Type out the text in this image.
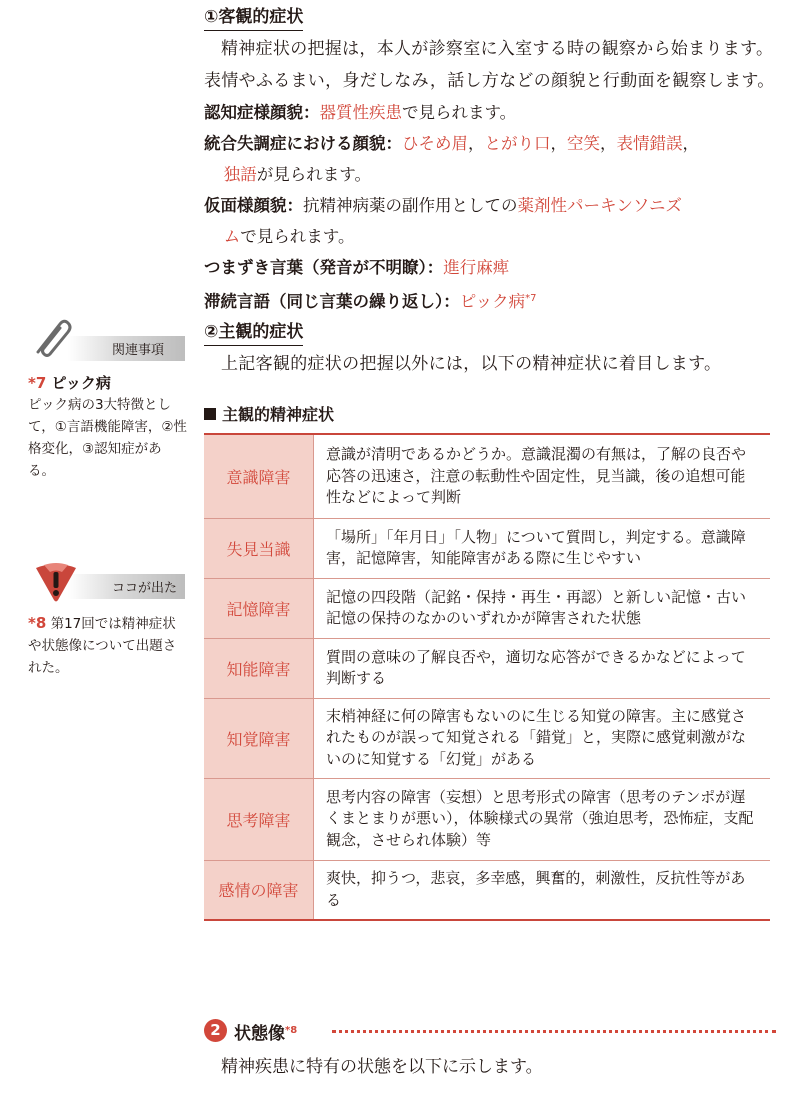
①客観的症状

精神症状の把握は，本人が診察室に入室する時の観察から始まります。表情やふるまい，身だしなみ，話し方などの顔貌と行動面を観察します。

認知症様顔貌：器質性疾患で見られます。

統合失調症における顔貌：ひそめ眉，とがり口，空笑，表情錯誤，
独語が見られます。

仮面様顔貌：抗精神病薬の副作用としての薬剤性パーキンソニズ
ムで見られます。

つまずき言葉（発音が不明瞭）：進行麻痺

滞続言語（同じ言葉の繰り返し）：ピック病$^{*7}$

②主観的症状

上記客観的症状の把握以外には，以下の精神症状に着目します。

主観的精神症状
意識障害	意識が清明であるかどうか。意識混濁の有無は，了解の良否や応答の迅速さ，注意の転動性や固定性，見当識，後の追想可能性などによって判断
失見当識	「場所」「年月日」「人物」について質問し，判定する。意識障害，記憶障害，知能障害がある際に生じやすい
記憶障害	記憶の四段階（記銘・保持・再生・再認）と新しい記憶・古い記憶の保持のなかのいずれかが障害された状態
知能障害	質問の意味の了解良否や，適切な応答ができるかなどによって判断する
知覚障害	末梢神経に何の障害もないのに生じる知覚の障害。主に感覚されたものが誤って知覚される「錯覚」と，実際に感覚刺激がないのに知覚する「幻覚」がある
思考障害	思考内容の障害（妄想）と思考形式の障害（思考のテンポが遅くまとまりが悪い），体験様式の異常（強迫思考，恐怖症，支配観念，させられ体験）等
感情の障害	爽快，抑うつ，悲哀，多幸感，興奮的，刺激性，反抗性等がある
2 状態像$^{*8}$

精神疾患に特有の状態を以下に示します。

関連事項
*7 ピック病
ピック病の3大特徴として，①言語機能障害，②性格変化，③認知症がある。
ココが出た
*8 第17回では精神症状や状態像について出題された。
